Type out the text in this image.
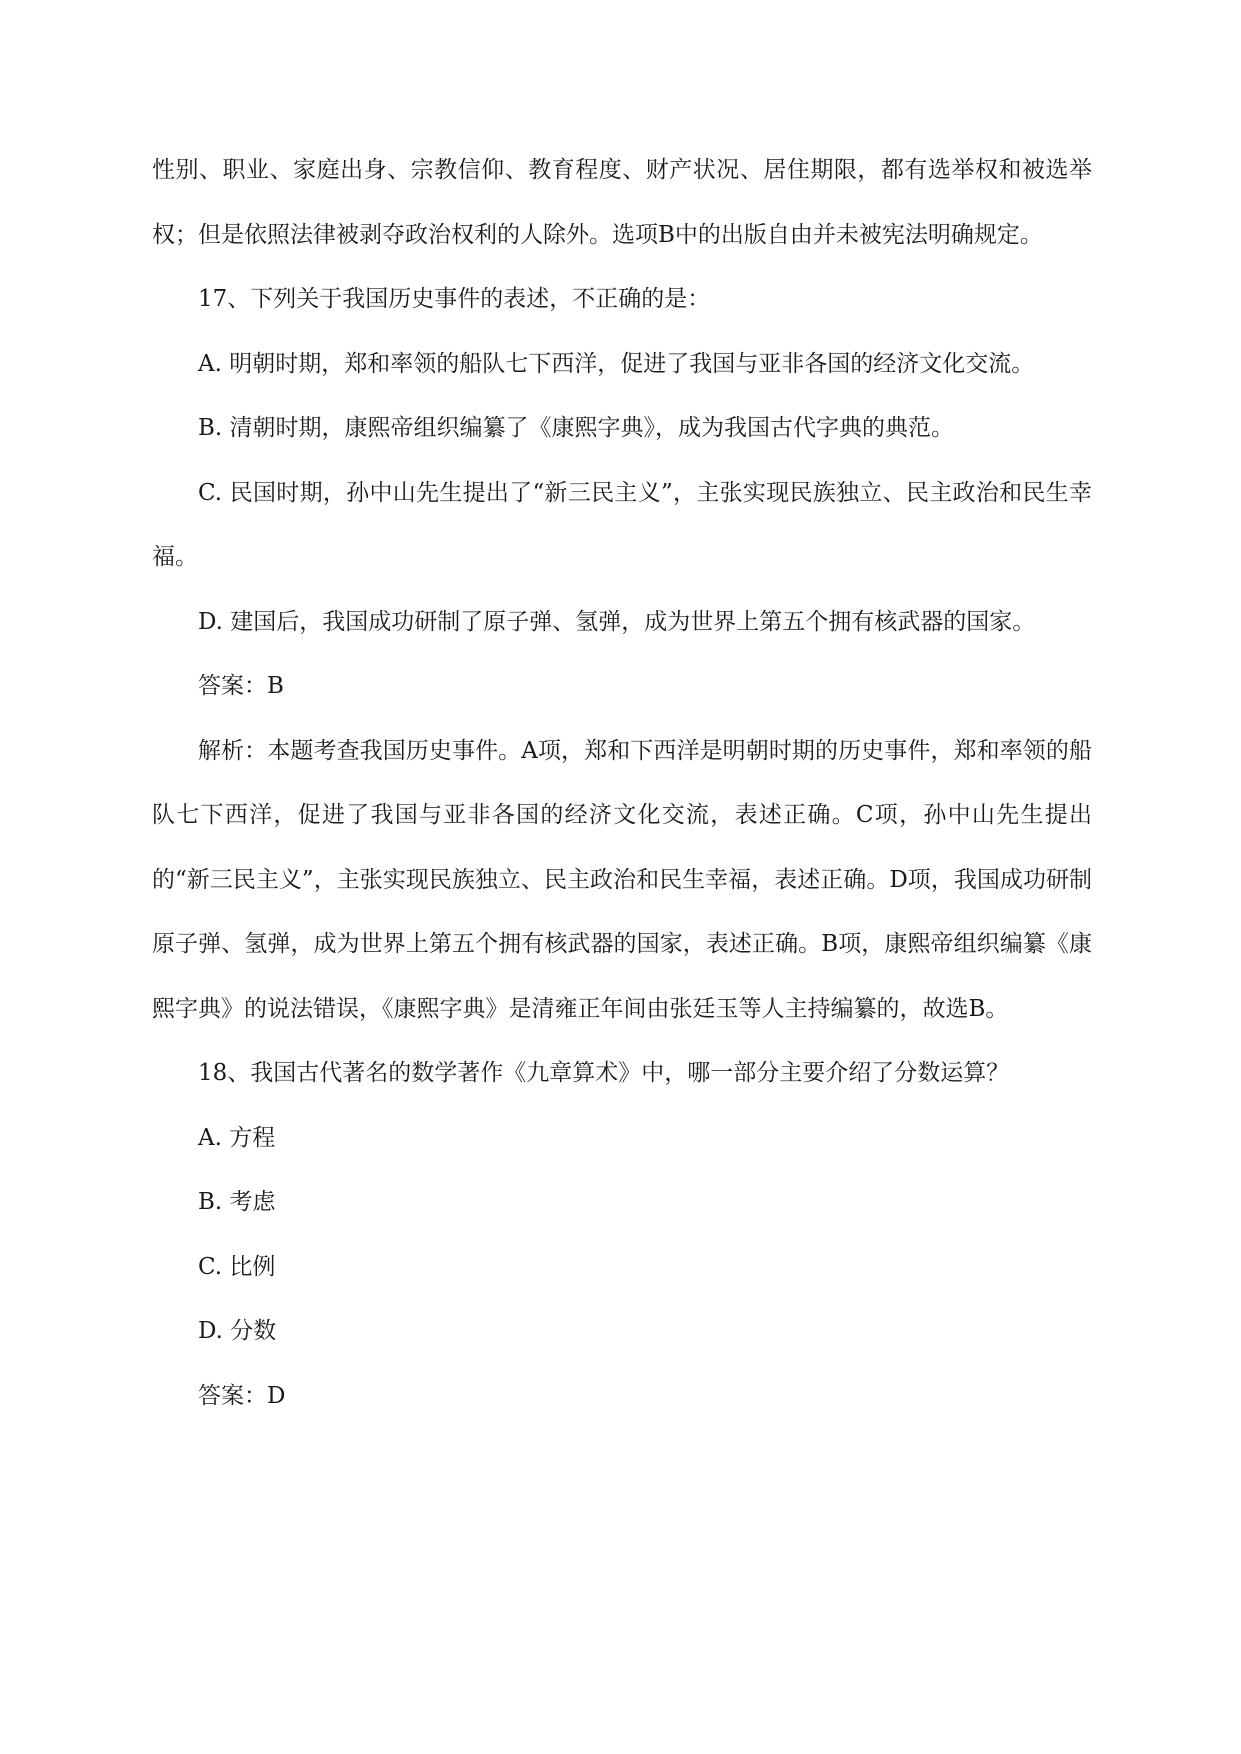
性别、职业、家庭出身、宗教信仰、教育程度、财产状况、居住期限，都有选举权和被选举权；但是依照法律被剥夺政治权利的人除外。选项B中的出版自由并未被宪法明确规定。

17、下列关于我国历史事件的表述，不正确的是：

A. 明朝时期，郑和率领的船队七下西洋，促进了我国与亚非各国的经济文化交流。

B. 清朝时期，康熙帝组织编纂了《康熙字典》，成为我国古代字典的典范。

C. 民国时期，孙中山先生提出了“新三民主义”，主张实现民族独立、民主政治和民生幸福。

D. 建国后，我国成功研制了原子弹、氢弹，成为世界上第五个拥有核武器的国家。

答案：B

解析：本题考查我国历史事件。A项，郑和下西洋是明朝时期的历史事件，郑和率领的船队七下西洋，促进了我国与亚非各国的经济文化交流，表述正确。C项，孙中山先生提出的“新三民主义”，主张实现民族独立、民主政治和民生幸福，表述正确。D项，我国成功研制原子弹、氢弹，成为世界上第五个拥有核武器的国家，表述正确。B项，康熙帝组织编纂《康熙字典》的说法错误，《康熙字典》是清雍正年间由张廷玉等人主持编纂的，故选B。

18、我国古代著名的数学著作《九章算术》中，哪一部分主要介绍了分数运算？

A. 方程

B. 考虑

C. 比例

D. 分数

答案：D
